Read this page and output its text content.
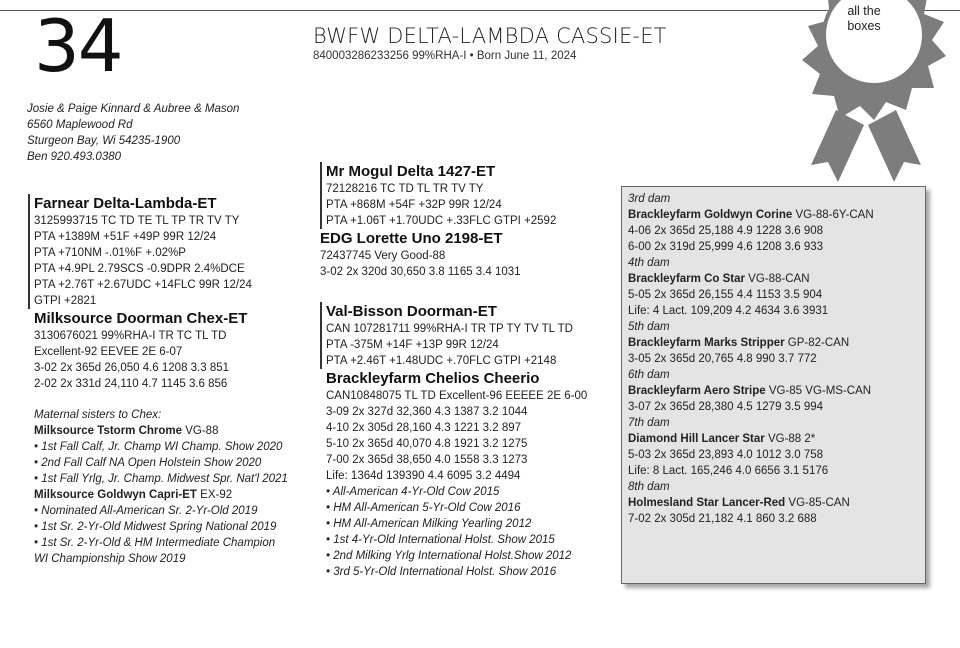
all the
boxes
34
Josie & Paige Kinnard & Aubree & Mason
6560 Maplewood Rd
Sturgeon Bay, Wi 54235-1900
Ben 920.493.0380
BWFW DELTA-LAMBDA CASSIE-ET
840003286233256 99%RHA-I • Born June 11, 2024
Farnear Delta-Lambda-ET
3125993715 TC TD TE TL TP TR TV TY
PTA +1389M +51F +49P 99R 12/24
PTA +710NM -.01%F +.02%P
PTA +4.9PL 2.79SCS -0.9DPR 2.4%DCE
PTA +2.76T +2.67UDC +14FLC 99R 12/24
GTPI +2821
Milksource Doorman Chex-ET
3130676021 99%RHA-I TR TC TL TD
Excellent-92 EEVEE 2E 6-07
3-02 2x 365d 26,050 4.6 1208 3.3 851
2-02 2x 331d 24,110 4.7 1145 3.6 856
Maternal sisters to Chex:
Milksource Tstorm Chrome VG-88
• 1st Fall Calf, Jr. Champ WI Champ. Show 2020
• 2nd Fall Calf NA Open Holstein Show 2020
• 1st Fall Yrlg, Jr. Champ. Midwest Spr. Nat'l 2021
Milksource Goldwyn Capri-ET EX-92
• Nominated All-American Sr. 2-Yr-Old 2019
• 1st Sr. 2-Yr-Old Midwest Spring National 2019
• 1st Sr. 2-Yr-Old & HM Intermediate Champion
WI Championship Show 2019
Mr Mogul Delta 1427-ET
72128216 TC TD TL TR TV TY
PTA +868M +54F +32P 99R 12/24
PTA +1.06T +1.70UDC +.33FLC GTPI +2592
EDG Lorette Uno 2198-ET
72437745 Very Good-88
3-02 2x 320d 30,650 3.8 1165 3.4 1031
Val-Bisson Doorman-ET
CAN 107281711 99%RHA-I TR TP TY TV TL TD
PTA -375M +14F +13P 99R 12/24
PTA +2.46T +1.48UDC +.70FLC GTPI +2148
Brackleyfarm Chelios Cheerio
CAN10848075 TL TD Excellent-96 EEEEE 2E 6-00
3-09 2x 327d 32,360 4.3 1387 3.2 1044
4-10 2x 305d 28,160 4.3 1221 3.2 897
5-10 2x 365d 40,070 4.8 1921 3.2 1275
7-00 2x 365d 38,650 4.0 1558 3.3 1273
Life: 1364d 139390 4.4 6095 3.2 4494
• All-American 4-Yr-Old Cow 2015
• HM All-American 5-Yr-Old Cow 2016
• HM All-American Milking Yearling 2012
• 1st 4-Yr-Old International Holst. Show 2015
• 2nd Milking Yrlg International Holst.Show 2012
• 3rd 5-Yr-Old International Holst. Show 2016
3rd dam
Brackleyfarm Goldwyn Corine VG-88-6Y-CAN
4-06 2x 365d 25,188 4.9 1228 3.6 908
6-00 2x 319d 25,999 4.6 1208 3.6 933
4th dam
Brackleyfarm Co Star VG-88-CAN
5-05 2x 365d 26,155 4.4 1153 3.5 904
Life: 4 Lact. 109,209 4.2 4634 3.6 3931
5th dam
Brackleyfarm Marks Stripper GP-82-CAN
3-05 2x 365d 20,765 4.8 990 3.7 772
6th dam
Brackleyfarm Aero Stripe VG-85 VG-MS-CAN
3-07 2x 365d 28,380 4.5 1279 3.5 994
7th dam
Diamond Hill Lancer Star VG-88 2*
5-03 2x 365d 23,893 4.0 1012 3.0 758
Life: 8 Lact. 165,246 4.0 6656 3.1 5176
8th dam
Holmesland Star Lancer-Red VG-85-CAN
7-02 2x 305d 21,182 4.1 860 3.2 688
